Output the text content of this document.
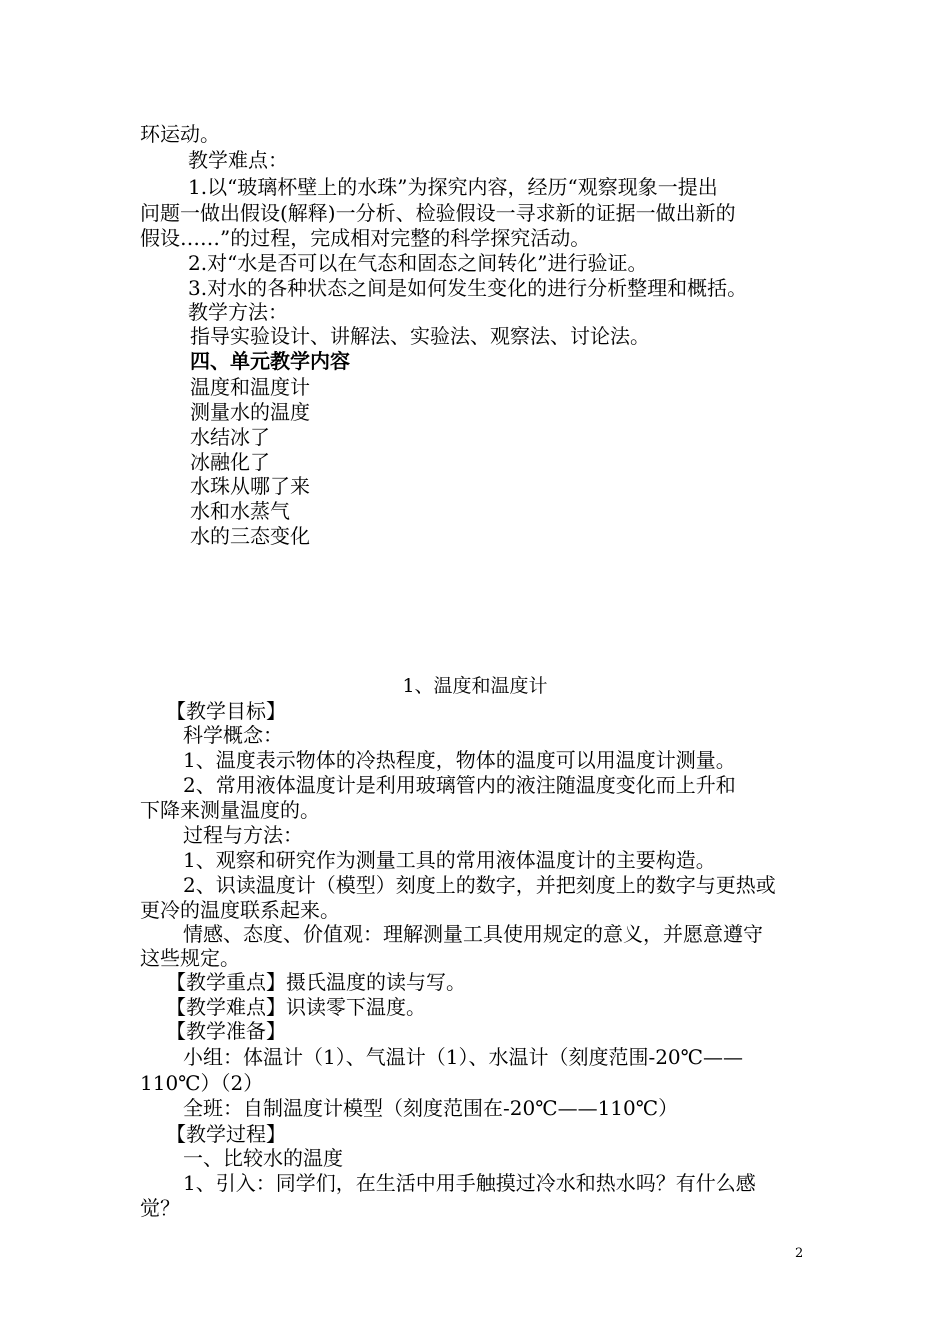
环运动。
教学难点：
1.以“玻璃杯壁上的水珠”为探究内容，经历“观察现象一提出
问题一做出假设(解释)一分析、检验假设一寻求新的证据一做出新的
假设……”的过程，完成相对完整的科学探究活动。
2.对“水是否可以在气态和固态之间转化”进行验证。
3.对水的各种状态之间是如何发生变化的进行分析整理和概括。
教学方法：
指导实验设计、讲解法、实验法、观察法、讨论法。
四、单元教学内容
温度和温度计
测量水的温度
水结冰了
冰融化了
水珠从哪了来
水和水蒸气
水的三态变化
1、温度和温度计
【教学目标】
科学概念：
1、温度表示物体的冷热程度，物体的温度可以用温度计测量。
2、常用液体温度计是利用玻璃管内的液注随温度变化而上升和
下降来测量温度的。
过程与方法：
1、观察和研究作为测量工具的常用液体温度计的主要构造。
2、识读温度计（模型）刻度上的数字，并把刻度上的数字与更热或
更冷的温度联系起来。
情感、态度、价值观：理解测量工具使用规定的意义，并愿意遵守
这些规定。
【教学重点】摄氏温度的读与写。
【教学难点】识读零下温度。
【教学准备】
小组：体温计（1）、气温计（1）、水温计（刻度范围-20℃——
110℃）（2）
全班：自制温度计模型（刻度范围在-20℃——110℃）
【教学过程】
一、比较水的温度
1、引入：同学们，在生活中用手触摸过冷水和热水吗？有什么感
觉？
2
